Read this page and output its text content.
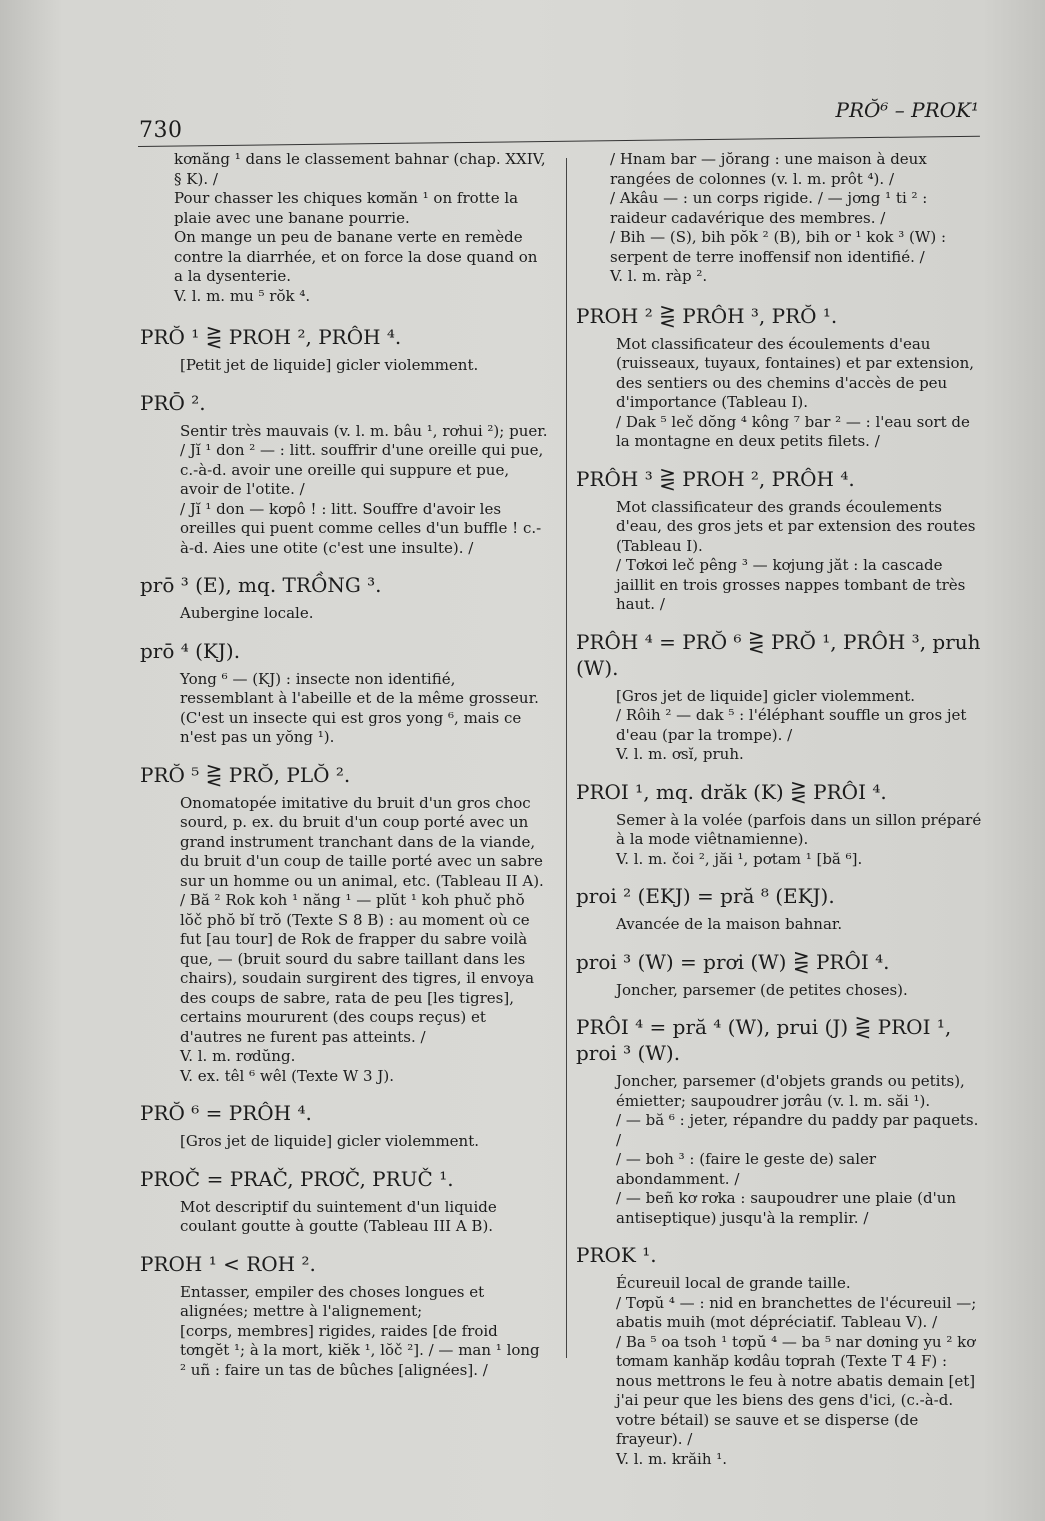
730
PRŎ⁶ – PROK¹

kơnăng ¹ dans le classement bahnar (chap. XXIV, § K). /

Pour chasser les chiques kơmăn ¹ on frotte la plaie avec une banane pourrie.

On mange un peu de banane verte en remède contre la diarrhée, et on force la dose quand on a la dysenterie.

V. l. m. mu ⁵ rŏk ⁴.

PRŎ ¹ ⋛ PROH ², PRÔH ⁴.

[Petit jet de liquide] gicler violemment.

PRŌ ².

Sentir très mauvais (v. l. m. bâu ¹, rơhui ²); puer.

/ Jĭ ¹ don ² — : litt. souffrir d'une oreille qui pue, c.-à-d. avoir une oreille qui suppure et pue, avoir de l'otite. /

/ Jĭ ¹ don — kơpô ! : litt. Souffre d'avoir les oreilles qui puent comme celles d'un buffle ! c.-à-d. Aies une otite (c'est une insulte). /

prō ³ (E), mq. TRỒNG ³.

Aubergine locale.

prō ⁴ (KJ).

Yong ⁶ — (KJ) : insecte non identifié, ressemblant à l'abeille et de la même grosseur.

(C'est un insecte qui est gros yong ⁶, mais ce n'est pas un yŏng ¹).

PRŎ ⁵ ⋛ PRŎ, PLŎ ².

Onomatopée imitative du bruit d'un gros choc sourd, p. ex. du bruit d'un coup porté avec un grand instrument tranchant dans de la viande, du bruit d'un coup de taille porté avec un sabre sur un homme ou un animal, etc. (Tableau II A).

/ Bă ² Rok koh ¹ năng ¹ — plŭt ¹ koh phuč phŏ lŏč phŏ bĭ trŏ (Texte S 8 B) : au moment où ce fut [au tour] de Rok de frapper du sabre voilà que, — (bruit sourd du sabre taillant dans les chairs), soudain surgirent des tigres, il envoya des coups de sabre, rata de peu [les tigres], certains moururent (des coups reçus) et d'autres ne furent pas atteints. /

V. l. m. rơdŭng.

V. ex. têl ⁶ wêl (Texte W 3 J).

PRŎ ⁶ = PRÔH ⁴.

[Gros jet de liquide] gicler violemment.

PROČ = PRAČ, PRƠČ, PRUČ ¹.

Mot descriptif du suintement d'un liquide coulant goutte à goutte (Tableau III A B).

PROH ¹ < ROH ².

Entasser, empiler des choses longues et alignées; mettre à l'alignement;

[corps, membres] rigides, raides [de froid tơngĕt ¹; à la mort, kiĕk ¹, lŏč ²]. / — man ¹ long ² uñ : faire un tas de bûches [alignées]. /

/ Hnam bar — jŏrang : une maison à deux rangées de colonnes (v. l. m. prôt ⁴). /

/ Akâu — : un corps rigide. / — jơng ¹ ti ² : raideur cadavérique des membres. /

/ Bih — (S), bih pŏk ² (B), bih or ¹ kok ³ (W) : serpent de terre inoffensif non identifié. /

V. l. m. ràp ².

PROH ² ⋛ PRÔH ³, PRŎ ¹.

Mot classificateur des écoulements d'eau (ruisseaux, tuyaux, fontaines) et par extension, des sentiers ou des chemins d'accès de peu d'importance (Tableau I).

/ Dak ⁵ leč dŏng ⁴ kông ⁷ bar ² — : l'eau sort de la montagne en deux petits filets. /

PRÔH ³ ⋛ PROH ², PRÔH ⁴.

Mot classificateur des grands écoulements d'eau, des gros jets et par extension des routes (Tableau I).

/ Tơkơi leč pêng ³ — kơjung jăt : la cascade jaillit en trois grosses nappes tombant de très haut. /

PRÔH ⁴ = PRŎ ⁶ ⋛ PRŎ ¹, PRÔH ³, pruh (W).

[Gros jet de liquide] gicler violemment.

/ Rôih ² — dak ⁵ : l'éléphant souffle un gros jet d'eau (par la trompe). /

V. l. m. ơsĭ, pruh.

PROI ¹, mq. drăk (K) ⋛ PRÔI ⁴.

Semer à la volée (parfois dans un sillon préparé à la mode viêtnamienne).

V. l. m. čoi ², jăi ¹, pơtam ¹ [bă ⁶].

proi ² (EKJ) = pră ⁸ (EKJ).

Avancée de la maison bahnar.

proi ³ (W) = prơi (W) ⋛ PRÔI ⁴.

Joncher, parsemer (de petites choses).

PRÔI ⁴ = pră ⁴ (W), prui (J) ⋛ PROI ¹, proi ³ (W).

Joncher, parsemer (d'objets grands ou petits), émietter; saupoudrer jơrâu (v. l. m. săi ¹).

/ — bă ⁶ : jeter, répandre du paddy par paquets. /

/ — boh ³ : (faire le geste de) saler abondamment. /

/ — beñ kơ rơka : saupoudrer une plaie (d'un antiseptique) jusqu'à la remplir. /

PROK ¹.

Écureuil local de grande taille.

/ Tơpŭ ⁴ — : nid en branchettes de l'écureuil —; abatis muih (mot dépréciatif. Tableau V). /

/ Ba ⁵ oa tsoh ¹ tơpŭ ⁴ — ba ⁵ nar dơning yu ² kơ tơmam kanhăp kơdâu tơprah (Texte T 4 F) : nous mettrons le feu à notre abatis demain [et] j'ai peur que les biens des gens d'ici, (c.-à-d. votre bétail) se sauve et se disperse (de frayeur). /

V. l. m. krăih ¹.
